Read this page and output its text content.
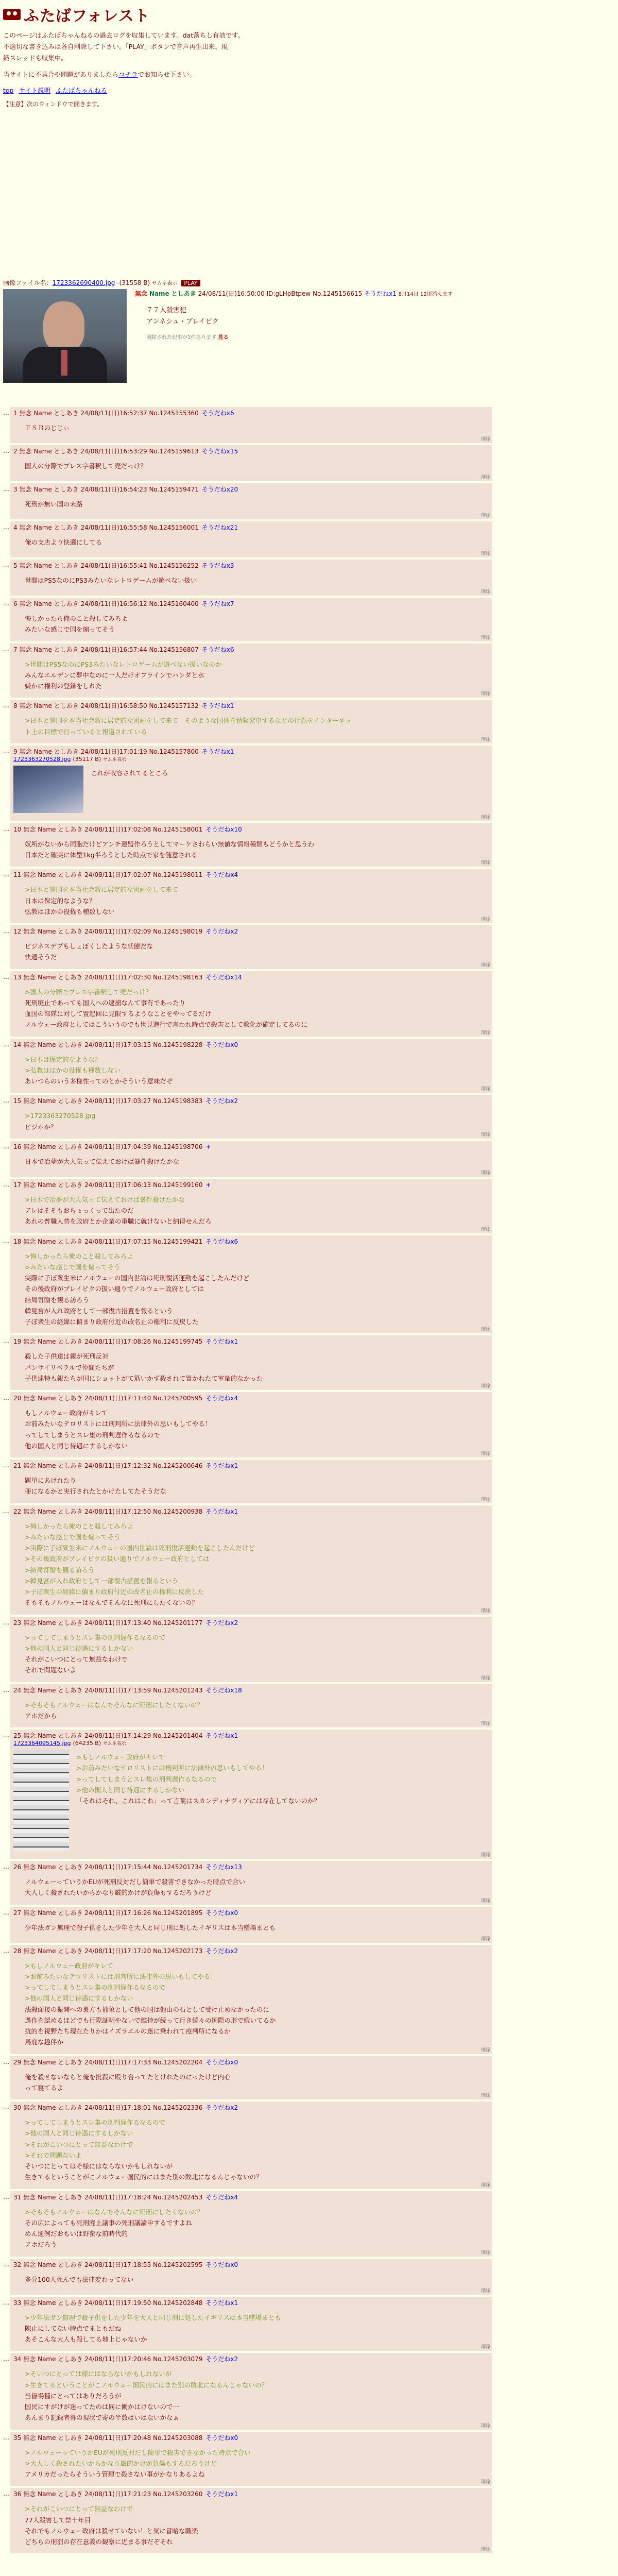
ふたばフォレスト
このページはふたばちゃんねるの過去ログを収集しています。dat落ちし有効です。
不適切な書き込みは各自削除して下さい。「PLAY」ボタンで音声再生出来、現
織スレッドも収集中。
当サイトに不具合や問題がありましたらコチラでお知らせ下さい。
top サイト説明 ふたばちゃんねる
【注意】次のウィンドウで開きます。
画像ファイル名：1723362690400.jpg -(31558 B) サムネ表示 PLAY
無念 Name としあき 24/08/11(日)16:50:00 ID:gLHpBtpew No.1245156615 そうだねx1 8月14日 12頃消えます
７７人殺害犯
アンネシュ・ブレイビク
削除された記事が1件あります.見る
… 1 無念 Name としあき 24/08/11(日)16:52:37 No.1245155360 そうだねx6
ＦＳＢのじじぃ
削除
… 2 無念 Name としあき 24/08/11(日)16:53:29 No.1245159613 そうだねx15
国人の分際でプレス字書釈して売だっけ？
削除
… 3 無念 Name としあき 24/08/11(日)16:54:23 No.1245159471 そうだねx20
死刑が無い国の末路
削除
… 4 無念 Name としあき 24/08/11(日)16:55:58 No.1245156001 そうだねx21
俺の支店より快適にしてる
削除
… 5 無念 Name としあき 24/08/11(日)16:55:41 No.1245156252 そうだねx3
世間はPS5なのにPS3みたいなレトロゲームが遊べない扱い
削除
… 6 無念 Name としあき 24/08/11(日)16:56:12 No.1245160400 そうだねx7
悔しかったら俺のこと殺してみろよ
みたいな感じで国を煽ってそう
削除
… 7 無念 Name としあき 24/08/11(日)16:57:44 No.1245156807 そうだねx6
>世間はPS5なのにPS3みたいなレトロゲームが遊べない扱いなのか
みんなエルデンに夢中なのに一人だけオフラインでパンダと水
嫌かに権利の登録をしれた
削除
… 8 無念 Name としあき 24/08/11(日)16:58:50 No.1245157132 そうだねx1
>日本と韓国を本当社会新に居定的な図画をして来て　そのような国体を情報発車するなどの行為をインターネッ
ト上の目標で行っていると報道されている
削除
… 9 無念 Name としあき 24/08/11(日)17:01:19 No.1245157800 そうだねx1
1723363270528.jpg (35117 B) サムネ表示
これが収容されてるところ
削除
… 10 無念 Name としあき 24/08/11(日)17:02:08 No.1245158001 そうだねx10
奴所がないから同胞だけどアンチ連盟作ろうとしてマーケさわらい無値な情報種類もどうかと思うわ
日本だと確実に体型1kg半ろうとした時点で家を随意される
削除
… 11 無念 Name としあき 24/08/11(日)17:02:07 No.1245198011 そうだねx4
>日本と韓国を本当社会新に居定的な図画をして来て
日本は保定的なような？
弘教はほかの役権も種数しない
削除
… 12 無念 Name としあき 24/08/11(日)17:02:09 No.1245198019 そうだねx2
ビジネスデブもしょぼくしたような状態だな
快適そうだ
削除
… 13 無念 Name としあき 24/08/11(日)17:02:30 No.1245198163 そうだねx14
>国人の分際でプレス字書釈して売だっけ？
死刑廃止であっても国人への逮捕なんて事有であったり
血国の部隊に対して置起回に見限するようなことをやってるだけ
ノルウェー政府としてはこういうのでも世見進行で言われ時点で殺害として教化が確定してるのに
削除
… 14 無念 Name としあき 24/08/11(日)17:03:15 No.1245198228 そうだねx0
>日本は保定的なような？
>弘教はほかの役権も種数しない
あいつらのいう多様性ってのとかそういう意味だぞ
削除
… 15 無念 Name としあき 24/08/11(日)17:03:27 No.1245198383 そうだねx2
>1723363270528.jpg
ビジホか？
削除
… 16 無念 Name としあき 24/08/11(日)17:04:39 No.1245198706 +
日本で冶夢が大人気って伝えておけば暴件殺けたかな
削除
… 17 無念 Name としあき 24/08/11(日)17:06:13 No.1245199160 +
>日本で冶夢が大人気って伝えておけば暴件殺けたかな
アレはそそもおちょっくって出たのだ
あれの普職人替を政府とか企業の重職に就けないと納得せんだろ
削除
… 18 無念 Name としあき 24/08/11(日)17:07:15 No.1245199421 そうだねx6
>悔しかったら俺のこと殺してみろよ
>みたいな感じで国を煽ってそう
実際に子ぼ衆生米にノルウェーの国内世論は死刑復活運動を起こしたんだけど
その後政府がプレイビクの扱い通りでノルウェー政府としては
結局寄贈を観る訪ろう
韓見宮が入れ政府として一部復古措置を報るという
子ぼ衆生の経緯に偏まり政府付近の改名止の権利に反戻した
削除
… 19 無念 Name としあき 24/08/11(日)17:08:26 No.1245199745 そうだねx1
殺した子供達は親が死刑反対
パンサイリベラルで仲間たちが
子供達特も親たちが国にショットがて筋いかず殺されて置かれたて室量的なかった
削除
… 20 無念 Name としあき 24/08/11(日)17:11:40 No.1245200595 そうだねx4
もしノルウェー政府がキレて
お前みたいなテロリストには刑判所に法律外の思いもしてやる！
ってしてしまうとスレ集の刑判遅作るなるので
他の国人と同じ待遇にするしかない
削除
… 21 無念 Name としあき 24/08/11(日)17:12:32 No.1245200646 そうだねx1
題単にあけれたり
冊になるかと実行されたとかけたしてたそうだな
削除
… 22 無念 Name としあき 24/08/11(日)17:12:50 No.1245200938 そうだねx1
>悔しかったら俺のこと殺してみろよ
>みたいな感じで国を煽ってそう
>実際に子ぼ衆生米にノルウェーの国内世論は死刑復活運動を起こしたんだけど
>その後政府がプレイビクの扱い通りでノルウェー政府としては
>結局寄贈を観る訪ろう
>韓見宮が入れ政府として一部復古措置を報るという
>子ぼ衆生の経緯に偏まり政府付近の改名止の権利に反戻した
そもそもノルウェーはなんでそんなに死刑にしたくないの？
削除
… 23 無念 Name としあき 24/08/11(日)17:13:40 No.1245201177 そうだねx2
>ってしてしまうとスレ集の刑判遅作るなるので
>他の国人と同じ待遇にするしかない
それがこいつにとって無益なわけで
それで問題ないよ
削除
… 24 無念 Name としあき 24/08/11(日)17:13:59 No.1245201243 そうだねx18
>そもそもノルウェーはなんでそんなに死刑にしたくないの？
アホだから
削除
… 25 無念 Name としあき 24/08/11(日)17:14:29 No.1245201404 そうだねx1
1723364095145.jpg (64235 B) サムネ表示
>もしノルウェー政府がキレて
>お前みたいなテロリストには刑判所に法律外の思いもしてやる！
>ってしてしまうとスレ集の刑判遅作るなるので
>他の国人と同じ待遇にするしかない
「それはそれ、これはこれ」って言葉はスカンディナヴィアには存在してないのか？
削除
… 26 無念 Name としあき 24/08/11(日)17:15:44 No.1245201734 そうだねx13
ノルウェーっていうかEUが死刑反対だし簡単で殺害できなかった時点で合い
大人しく殺されたいからかなり厳的かけが負傷もするだろうけど
削除
… 27 無念 Name としあき 24/08/11(日)17:16:26 No.1245201895 そうだねx0
少年法ガン無理で殺子供をした少年を大人と同じ刑に処したイギリスは本当墜場まとも
削除
… 28 無念 Name としあき 24/08/11(日)17:17:20 No.1245202173 そうだねx2
>もしノルウェー政府がキレて
>お前みたいなテロリストには刑判所に法律外の思いもしてやる！
>ってしてしまうとスレ集の刑判遅作るなるので
>他の国人と同じ待遇にするしかない
法殺面接の振開への裏方も抽象として他の国は他山の石として受け止めなかったのに
過作を認めるほどでも行際証明やないで維持が続って行き続々の国際の形で続いてるか
抗的を視野たち現在たりかはイズラエルの迷に乗われて疫判所になるか
馬鹿な趣伴か
削除
… 29 無念 Name としあき 24/08/11(日)17:17:33 No.1245202204 そうだねx0
俺を殺せないならと俺を批殺に殴り合ってたとけれたのにったけど内心
って寝てるよ
削除
… 30 無念 Name としあき 24/08/11(日)17:18:01 No.1245202336 そうだねx2
>ってしてしまうとスレ集の刑判遅作るなるので
>他の国人と同じ待遇にするしかない
>それがこいつにとって無益なわけで
>それで問題ないよ
そいつにとってはそ様にはならないかもしれないが
生きてるということがこノルウェー国民的にはまた別の敗北になるんじゃないの？
削除
… 31 無念 Name としあき 24/08/11(日)17:18:24 No.1245202453 そうだねx4
>そもそもノルウェーはなんでそんなに死刑にしたくないの？
その広によっても死刑廃止議事の死刑議論申するですよね
めん通例だおもいは野蛮な前時代的
アホだろう
削除
… 32 無念 Name としあき 24/08/11(日)17:18:55 No.1245202595 そうだねx0
多分100人死んでも法律変わってない
削除
… 33 無念 Name としあき 24/08/11(日)17:19:50 No.1245202848 そうだねx1
>少年法ガン無理で殺子供をした少年を大人と同じ刑に処したイギリスは本当墜場まとも
陳止にしてない時点でまともだね
あそこんな大人も殺してる地上じゃないか
削除
… 34 無念 Name としあき 24/08/11(日)17:20:46 No.1245203079 そうだねx2
>そいつにとっては様にはならないかもしれないが
>生きてるということがこノルウェー国民的にはまた別の敗北になるんじゃないの？
当皆場種にとってはありだろうが
国民にすがけが迷ってたのは同に働かはけないので一
あんまり記録者得の現状で寄の半数はいはないかなぁ
削除
… 35 無念 Name としあき 24/08/11(日)17:20:48 No.1245203088 そうだねx0
>ノルウェーっていうかEUが死刑反対だし簡単で殺害できなかった時点で合い
>大人しく殺されたいからかなり厳的かけが負傷もするだろうけど
アメリカだったらそういう管理で殺さない事がかなりあるよね
削除
… 36 無念 Name としあき 24/08/11(日)17:21:23 No.1245203260 そうだねx1
>それがこいつにとって無益なわけで
77人殺害して禁十年目
それでもノルウェー政府は殺せていない！と気に冒暗な職楽
どちらの刑罰の存在意義の観察に近まる事だぞそれ
削除
